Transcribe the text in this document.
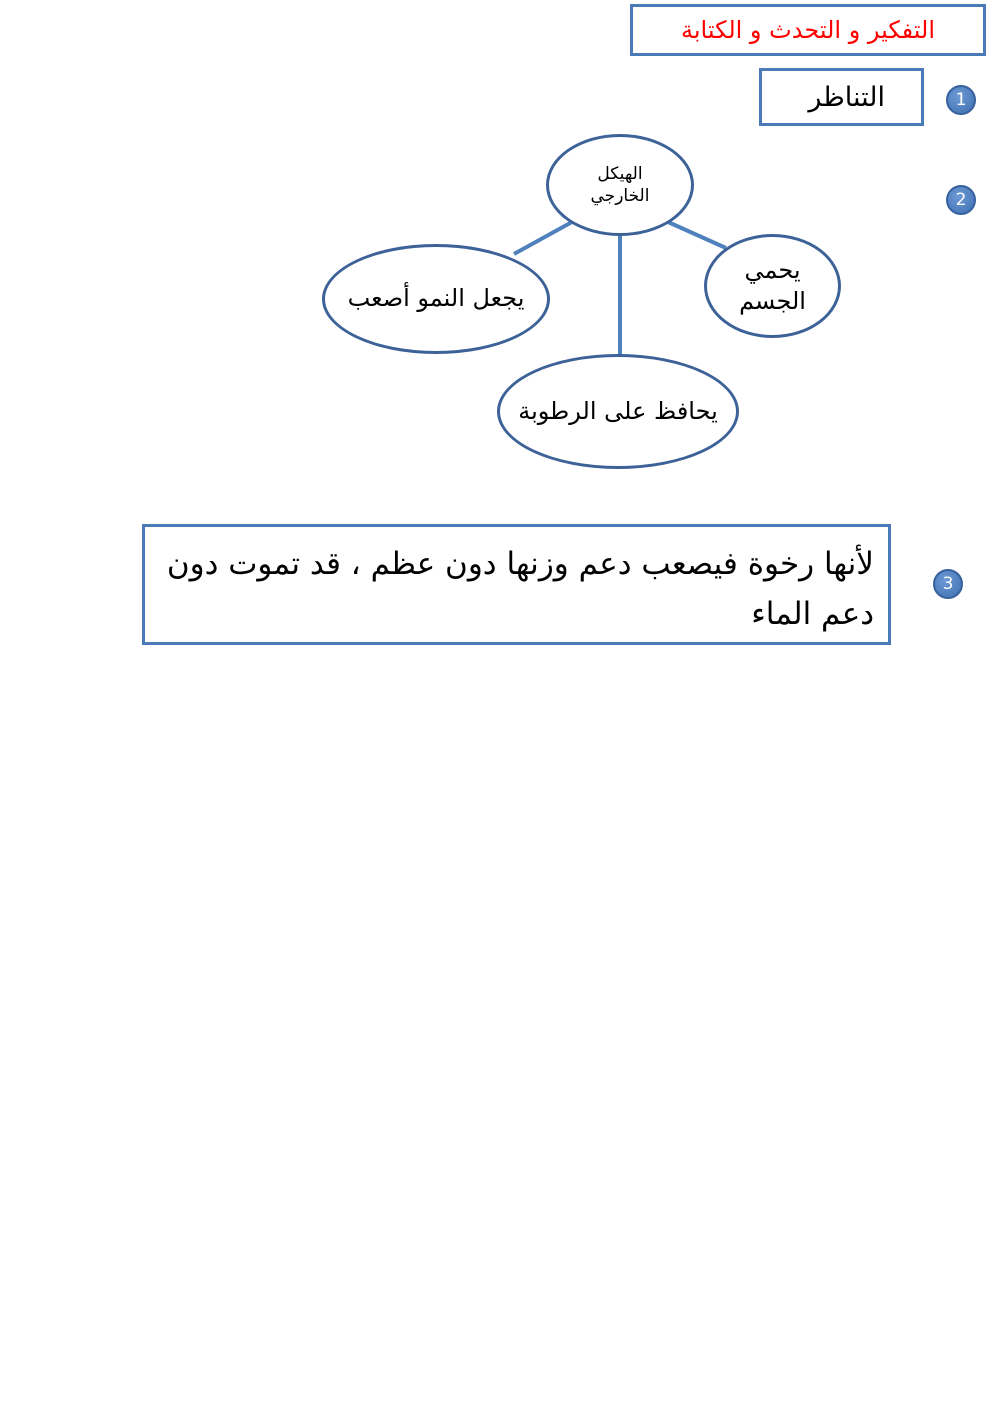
التفكير و التحدث و الكتابة
1
التناظر
2
الهيكل الخارجي
يحمي الجسم
يحافظ على الرطوبة
يجعل النمو أصعب
3

لأنها رخوة فيصعب دعم وزنها دون عظم ، قد تموت دون دعم الماء
